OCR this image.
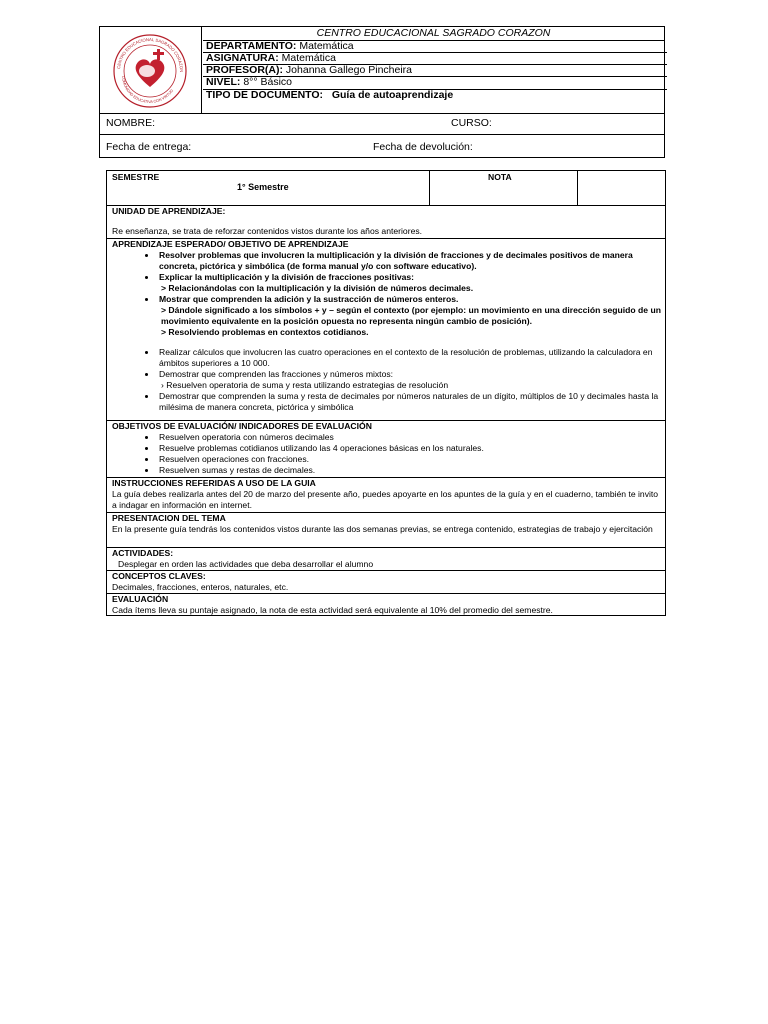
CENTRO EDUCACIONAL SAGRADO CORAZON
DEPARTAMENTO: Matemática
ASIGNATURA: Matemática
PROFESOR(A): Johanna Gallego Pincheira
NIVEL: 8°° Básico
TIPO DE DOCUMENTO: Guía de autoaprendizaje
CENTRO EDUCACIONAL SAGRADO CORAZON
COMUNIDAD EDUCATIVA CON VIRTUD
NOMBRE:	CURSO:
Fecha de entrega:	Fecha de devolución:
SEMESTRE
1° Semestre
NOTA
UNIDAD DE APRENDIZAJE:
Re enseñanza, se trata de reforzar contenidos vistos durante los años anteriores.
APRENDIZAJE ESPERADO/ OBJETIVO DE APRENDIZAJE
• Resolver problemas que involucren la multiplicación y la división de fracciones y de decimales positivos de manera concreta, pictórica y simbólica (de forma manual y/o con software educativo).
• Explicar la multiplicación y la división de fracciones positivas:
> Relacionándolas con la multiplicación y la división de números decimales.
• Mostrar que comprenden la adición y la sustracción de números enteros.
> Dándole significado a los símbolos + y – según el contexto (por ejemplo: un movimiento en una dirección seguido de un movimiento equivalente en la posición opuesta no representa ningún cambio de posición).
> Resolviendo problemas en contextos cotidianos.
• Realizar cálculos que involucren las cuatro operaciones en el contexto de la resolución de problemas, utilizando la calculadora en ámbitos superiores a 10 000.
• Demostrar que comprenden las fracciones y números mixtos:
› Resuelven operatoria de suma y resta utilizando estrategias de resolución
• Demostrar que comprenden la suma y resta de decimales por números naturales de un dígito, múltiplos de 10 y decimales hasta la milésima de manera concreta, pictórica y simbólica
OBJETIVOS DE EVALUACIÓN/ INDICADORES DE EVALUACIÓN
• Resuelven operatoria con números decimales
• Resuelve problemas cotidianos utilizando las 4 operaciones básicas en los naturales.
• Resuelven operaciones con fracciones.
• Resuelven sumas y restas de decimales.
INSTRUCCIONES REFERIDAS A USO DE LA GUIA
La guía debes realizarla antes del 20 de marzo del presente año, puedes apoyarte en los apuntes de la guía y en el cuaderno, también te invito a indagar en información en internet.
PRESENTACION DEL TEMA
En la presente guía tendrás los contenidos vistos durante las dos semanas previas, se entrega contenido, estrategias de trabajo y ejercitación
ACTIVIDADES:
Desplegar en orden las actividades que deba desarrollar el alumno
CONCEPTOS CLAVES:
Decimales, fracciones, enteros, naturales, etc.
EVALUACIÓN
Cada ítems lleva su puntaje asignado, la nota de esta actividad será equivalente al 10% del promedio del semestre.
